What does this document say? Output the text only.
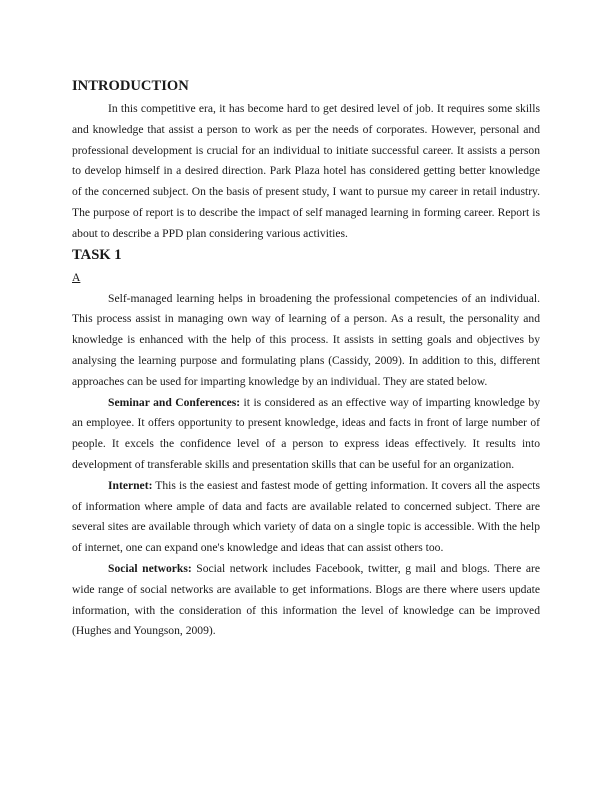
INTRODUCTION

In this competitive era, it has become hard to get desired level of job. It requires some skills and knowledge that assist a person to work as per the needs of corporates. However, personal and professional development is crucial for an individual to initiate successful career. It assists a person to develop himself in a desired direction. Park Plaza hotel has considered getting better knowledge of the concerned subject. On the basis of present study, I want to pursue my career in retail industry. The purpose of report is to describe the impact of self managed learning in forming career. Report is about to describe a PPD plan considering various activities.

TASK 1
A

Self-managed learning helps in broadening the professional competencies of an individual. This process assist in managing own way of learning of a person. As a result, the personality and knowledge is enhanced with the help of this process. It assists in setting goals and objectives by analysing the learning purpose and formulating plans (Cassidy, 2009). In addition to this, different approaches can be used for imparting knowledge by an individual. They are stated below.

Seminar and Conferences: it is considered as an effective way of imparting knowledge by an employee. It offers opportunity to present knowledge, ideas and facts in front of large number of people. It excels the confidence level of a person to express ideas effectively. It results into development of transferable skills and presentation skills that can be useful for an organization.

Internet: This is the easiest and fastest mode of getting information. It covers all the aspects of information where ample of data and facts are available related to concerned subject. There are several sites are available through which variety of data on a single topic is accessible. With the help of internet, one can expand one's knowledge and ideas that can assist others too.

Social networks: Social network includes Facebook, twitter, g mail and blogs. There are wide range of social networks are available to get informations. Blogs are there where users update information, with the consideration of this information the level of knowledge can be improved (Hughes and Youngson, 2009).
